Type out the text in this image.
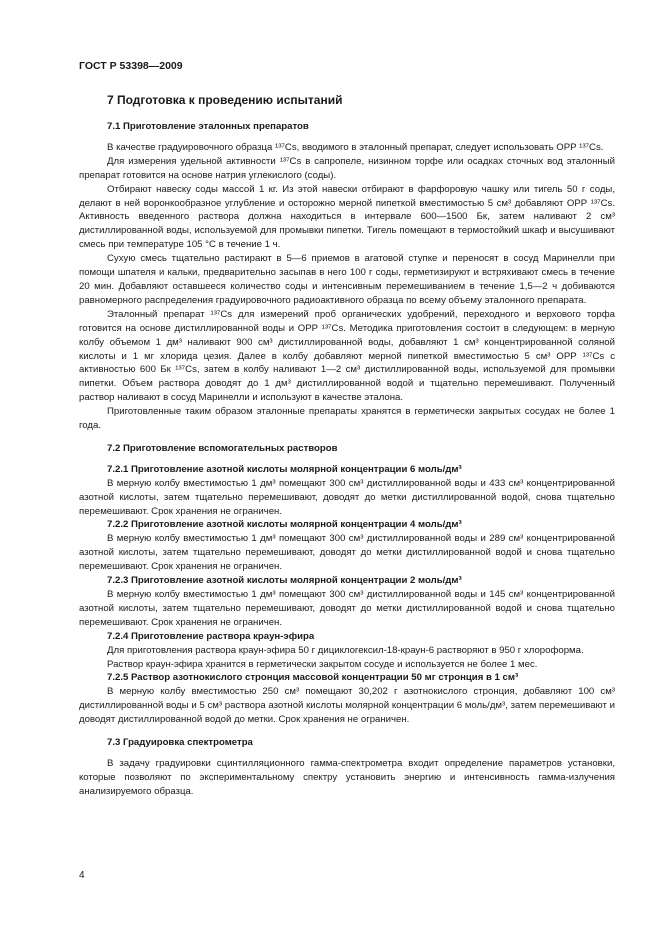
ГОСТ Р 53398—2009
7 Подготовка к проведению испытаний

7.1 Приготовление эталонных препаратов

В качестве градуировочного образца ¹³⁷Cs, вводимого в эталонный препарат, следует использовать ОРР ¹³⁷Cs.

Для измерения удельной активности ¹³⁷Cs в сапропеле, низинном торфе или осадках сточных вод эталонный препарат готовится на основе натрия углекислого (соды).

Отбирают навеску соды массой 1 кг. Из этой навески отбирают в фарфоровую чашку или тигель 50 г соды, делают в ней воронкообразное углубление и осторожно мерной пипеткой вместимостью 5 см³ добавляют ОРР ¹³⁷Cs. Активность введенного раствора должна находиться в интервале 600—1500 Бк, затем наливают 2 см³ дистиллированной воды, используемой для промывки пипетки. Тигель помещают в термостойкий шкаф и высушивают смесь при температуре 105 °C в течение 1 ч.

Сухую смесь тщательно растирают в 5—6 приемов в агатовой ступке и переносят в сосуд Маринелли при помощи шпателя и кальки, предварительно засыпав в него 100 г соды, герметизируют и встряхивают смесь в течение 20 мин. Добавляют оставшееся количество соды и интенсивным перемешиванием в течение 1,5—2 ч добиваются равномерного распределения градуировочного радиоактивного образца по всему объему эталонного препарата.

Эталонный препарат ¹³⁷Cs для измерений проб органических удобрений, переходного и верхового торфа готовится на основе дистиллированной воды и ОРР ¹³⁷Cs. Методика приготовления состоит в следующем: в мерную колбу объемом 1 дм³ наливают 900 см³ дистиллированной воды, добавляют 1 см³ концентрированной соляной кислоты и 1 мг хлорида цезия. Далее в колбу добавляют мерной пипеткой вместимостью 5 см³ ОРР ¹³⁷Cs с активностью 600 Бк ¹³⁷Cs, затем в колбу наливают 1—2 см³ дистиллированной воды, используемой для промывки пипетки. Объем раствора доводят до 1 дм³ дистиллированной водой и тщательно перемешивают. Полученный раствор наливают в сосуд Маринелли и используют в качестве эталона.

Приготовленные таким образом эталонные препараты хранятся в герметически закрытых сосудах не более 1 года.

7.2 Приготовление вспомогательных растворов

7.2.1 Приготовление азотной кислоты молярной концентрации 6 моль/дм³

В мерную колбу вместимостью 1 дм³ помещают 300 см³ дистиллированной воды и 433 см³ концентрированной азотной кислоты, затем тщательно перемешивают, доводят до метки дистиллированной водой, снова тщательно перемешивают. Срок хранения не ограничен.

7.2.2 Приготовление азотной кислоты молярной концентрации 4 моль/дм³

В мерную колбу вместимостью 1 дм³ помещают 300 см³ дистиллированной воды и 289 см³ концентрированной азотной кислоты, затем тщательно перемешивают, доводят до метки дистиллированной водой и снова тщательно перемешивают. Срок хранения не ограничен.

7.2.3 Приготовление азотной кислоты молярной концентрации 2 моль/дм³

В мерную колбу вместимостью 1 дм³ помещают 300 см³ дистиллированной воды и 145 см³ концентрированной азотной кислоты, затем тщательно перемешивают, доводят до метки дистиллированной водой и снова тщательно перемешивают. Срок хранения не ограничен.

7.2.4 Приготовление раствора краун-эфира

Для приготовления раствора краун-эфира 50 г дициклогексил-18-краун-6 растворяют в 950 г хлороформа.

Раствор краун-эфира хранится в герметически закрытом сосуде и используется не более 1 мес.

7.2.5 Раствор азотнокислого стронция массовой концентрации 50 мг стронция в 1 см³

В мерную колбу вместимостью 250 см³ помещают 30,202 г азотнокислого стронция, добавляют 100 см³ дистиллированной воды и 5 см³ раствора азотной кислоты молярной концентрации 6 моль/дм³, затем перемешивают и доводят дистиллированной водой до метки. Срок хранения не ограничен.

7.3 Градуировка спектрометра

В задачу градуировки сцинтилляционного гамма-спектрометра входит определение параметров установки, которые позволяют по экспериментальному спектру установить энергию и интенсивность гамма-излучения анализируемого образца.

4
